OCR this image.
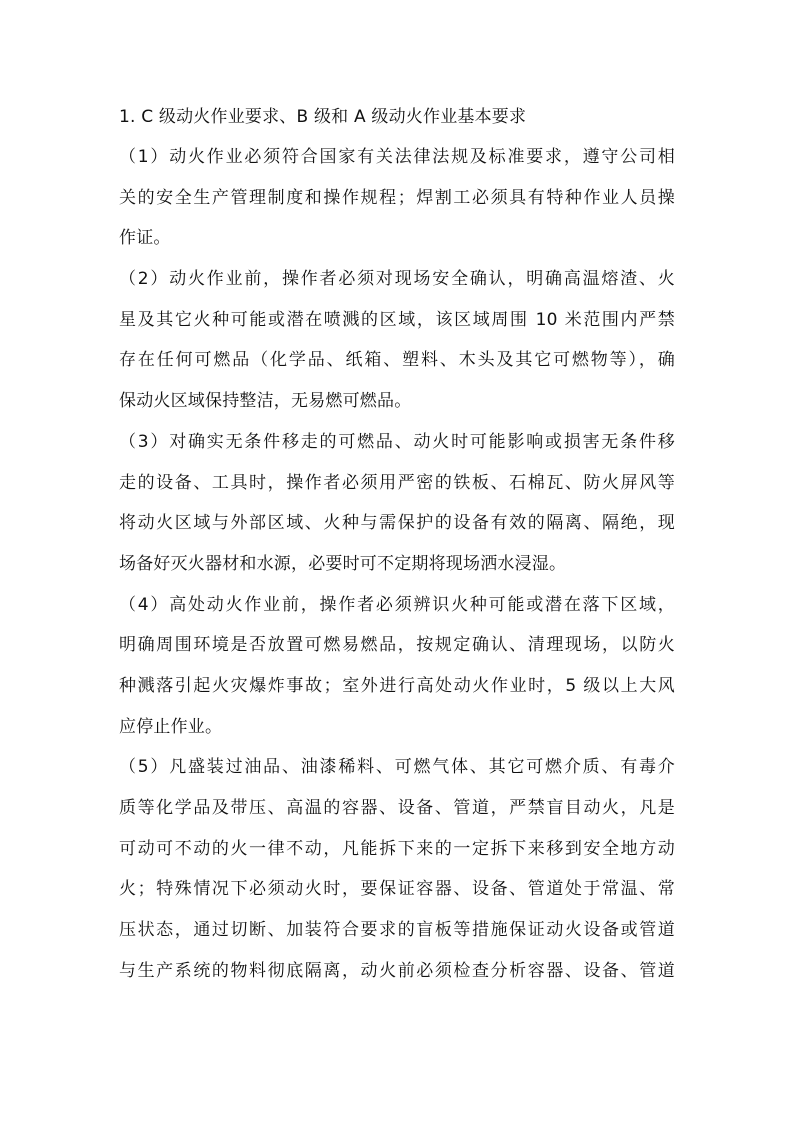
1. C 级动火作业要求、B 级和 A 级动火作业基本要求
（1）动火作业必须符合国家有关法律法规及标准要求，遵守公司相
关的安全生产管理制度和操作规程；焊割工必须具有特种作业人员操
作证。
（2）动火作业前，操作者必须对现场安全确认，明确高温熔渣、火
星及其它火种可能或潜在喷溅的区域，该区域周围 10 米范围内严禁
存在任何可燃品（化学品、纸箱、塑料、木头及其它可燃物等），确
保动火区域保持整洁，无易燃可燃品。
（3）对确实无条件移走的可燃品、动火时可能影响或损害无条件移
走的设备、工具时，操作者必须用严密的铁板、石棉瓦、防火屏风等
将动火区域与外部区域、火种与需保护的设备有效的隔离、隔绝，现
场备好灭火器材和水源，必要时可不定期将现场洒水浸湿。
（4）高处动火作业前，操作者必须辨识火种可能或潜在落下区域，
明确周围环境是否放置可燃易燃品，按规定确认、清理现场，以防火
种溅落引起火灾爆炸事故；室外进行高处动火作业时，5 级以上大风
应停止作业。
（5）凡盛装过油品、油漆稀料、可燃气体、其它可燃介质、有毒介
质等化学品及带压、高温的容器、设备、管道，严禁盲目动火，凡是
可动可不动的火一律不动，凡能拆下来的一定拆下来移到安全地方动
火；特殊情况下必须动火时，要保证容器、设备、管道处于常温、常
压状态，通过切断、加装符合要求的盲板等措施保证动火设备或管道
与生产系统的物料彻底隔离，动火前必须检查分析容器、设备、管道
